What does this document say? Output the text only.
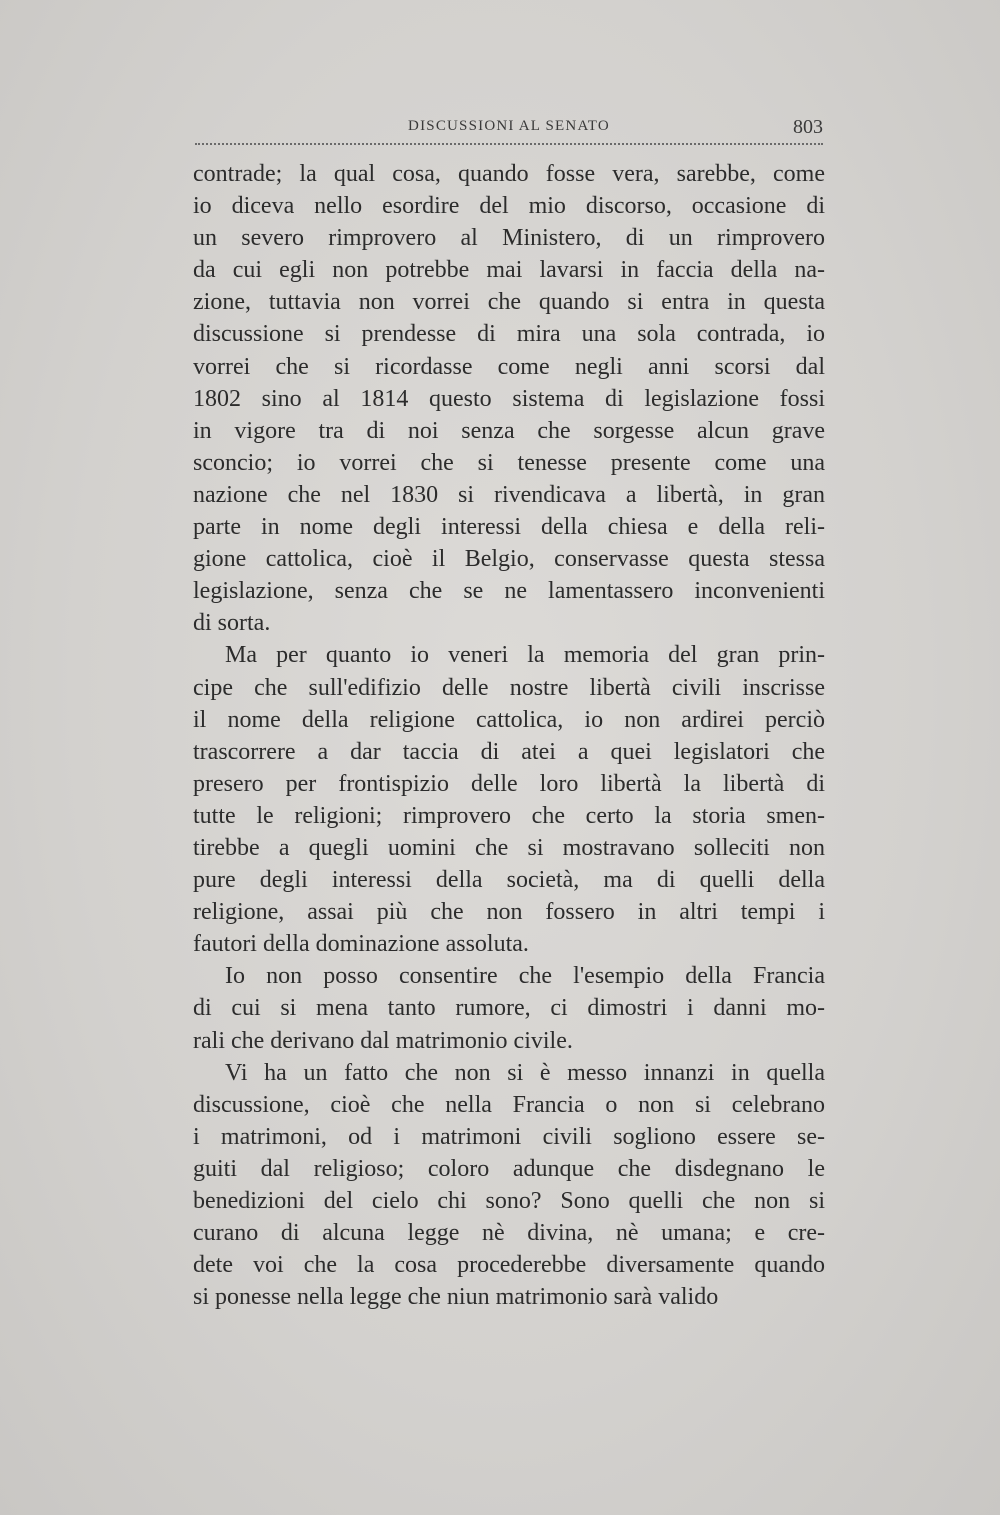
DISCUSSIONI AL SENATO	803
contrade; la qual cosa, quando fosse vera, sarebbe, come
io diceva nello esordire del mio discorso, occasione di
un severo rimprovero al Ministero, di un rimprovero
da cui egli non potrebbe mai lavarsi in faccia della na-
zione, tuttavia non vorrei che quando si entra in questa
discussione si prendesse di mira una sola contrada, io
vorrei che si ricordasse come negli anni scorsi dal
1802 sino al 1814 questo sistema di legislazione fossi
in vigore tra di noi senza che sorgesse alcun grave
sconcio; io vorrei che si tenesse presente come una
nazione che nel 1830 si rivendicava a libertà, in gran
parte in nome degli interessi della chiesa e della reli-
gione cattolica, cioè il Belgio, conservasse questa stessa
legislazione, senza che se ne lamentassero inconvenienti
di sorta.
Ma per quanto io veneri la memoria del gran prin-
cipe che sull'edifizio delle nostre libertà civili inscrisse
il nome della religione cattolica, io non ardirei perciò
trascorrere a dar taccia di atei a quei legislatori che
presero per frontispizio delle loro libertà la libertà di
tutte le religioni; rimprovero che certo la storia smen-
tirebbe a quegli uomini che si mostravano solleciti non
pure degli interessi della società, ma di quelli della
religione, assai più che non fossero in altri tempi i
fautori della dominazione assoluta.
Io non posso consentire che l'esempio della Francia
di cui si mena tanto rumore, ci dimostri i danni mo-
rali che derivano dal matrimonio civile.
Vi ha un fatto che non si è messo innanzi in quella
discussione, cioè che nella Francia o non si celebrano
i matrimoni, od i matrimoni civili sogliono essere se-
guiti dal religioso; coloro adunque che disdegnano le
benedizioni del cielo chi sono? Sono quelli che non si
curano di alcuna legge nè divina, nè umana; e cre-
dete voi che la cosa procederebbe diversamente quando
si ponesse nella legge che niun matrimonio sarà valido
